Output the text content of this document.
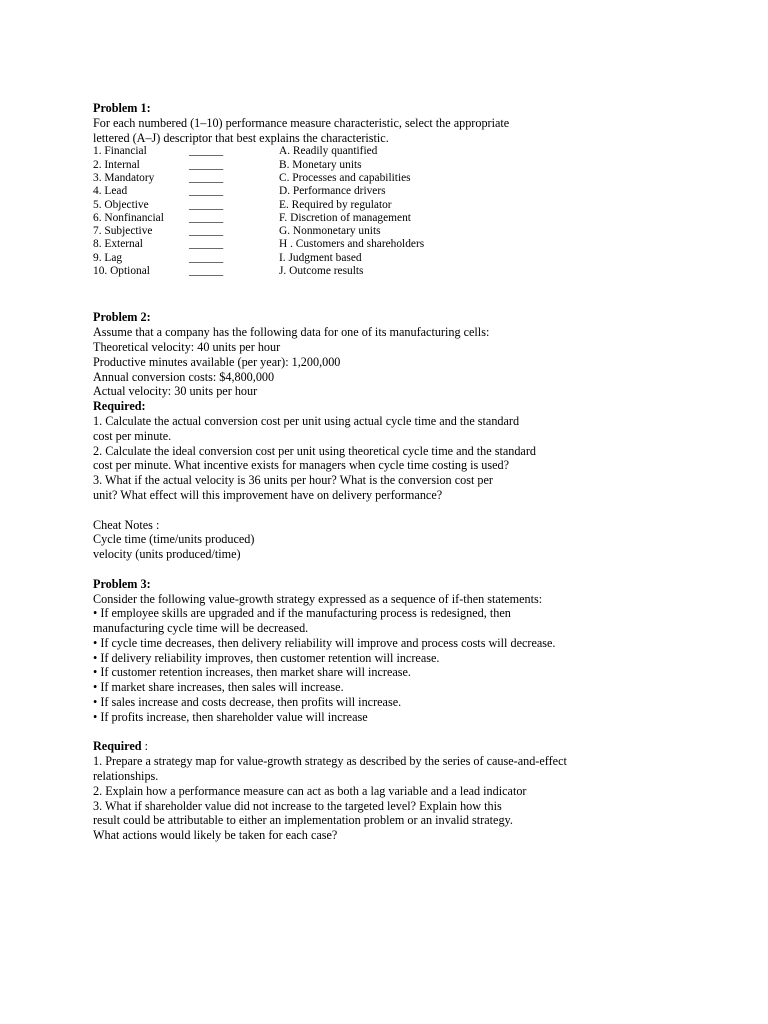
Problem 1:
For each numbered (1–10) performance measure characteristic, select the appropriate
lettered (A–J) descriptor that best explains the characteristic.
1. Financial	______	A. Readily quantified
2. Internal	______	B. Monetary units
3. Mandatory	______	C. Processes and capabilities
4. Lead	______	D. Performance drivers
5. Objective	______	E. Required by regulator
6. Nonfinancial	______	F. Discretion of management
7. Subjective	______	G. Nonmonetary units
8. External	______	H . Customers and shareholders
9. Lag	______	I. Judgment based
10. Optional	______	J. Outcome results
Problem 2:
Assume that a company has the following data for one of its manufacturing cells:
Theoretical velocity: 40 units per hour
Productive minutes available (per year): 1,200,000
Annual conversion costs: $4,800,000
Actual velocity: 30 units per hour
Required:
1. Calculate the actual conversion cost per unit using actual cycle time and the standard
cost per minute.
2. Calculate the ideal conversion cost per unit using theoretical cycle time and the standard
cost per minute. What incentive exists for managers when cycle time costing is used?
3. What if the actual velocity is 36 units per hour? What is the conversion cost per
unit? What effect will this improvement have on delivery performance?
Cheat Notes :
Cycle time (time/units produced)
velocity (units produced/time)
Problem 3:
Consider the following value-growth strategy expressed as a sequence of if-then statements:
• If employee skills are upgraded and if the manufacturing process is redesigned, then
manufacturing cycle time will be decreased.
• If cycle time decreases, then delivery reliability will improve and process costs will decrease.
• If delivery reliability improves, then customer retention will increase.
• If customer retention increases, then market share will increase.
• If market share increases, then sales will increase.
• If sales increase and costs decrease, then profits will increase.
• If profits increase, then shareholder value will increase
Required :
1. Prepare a strategy map for value-growth strategy as described by the series of cause-and-effect
relationships.
2. Explain how a performance measure can act as both a lag variable and a lead indicator
3. What if shareholder value did not increase to the targeted level? Explain how this
result could be attributable to either an implementation problem or an invalid strategy.
What actions would likely be taken for each case?
